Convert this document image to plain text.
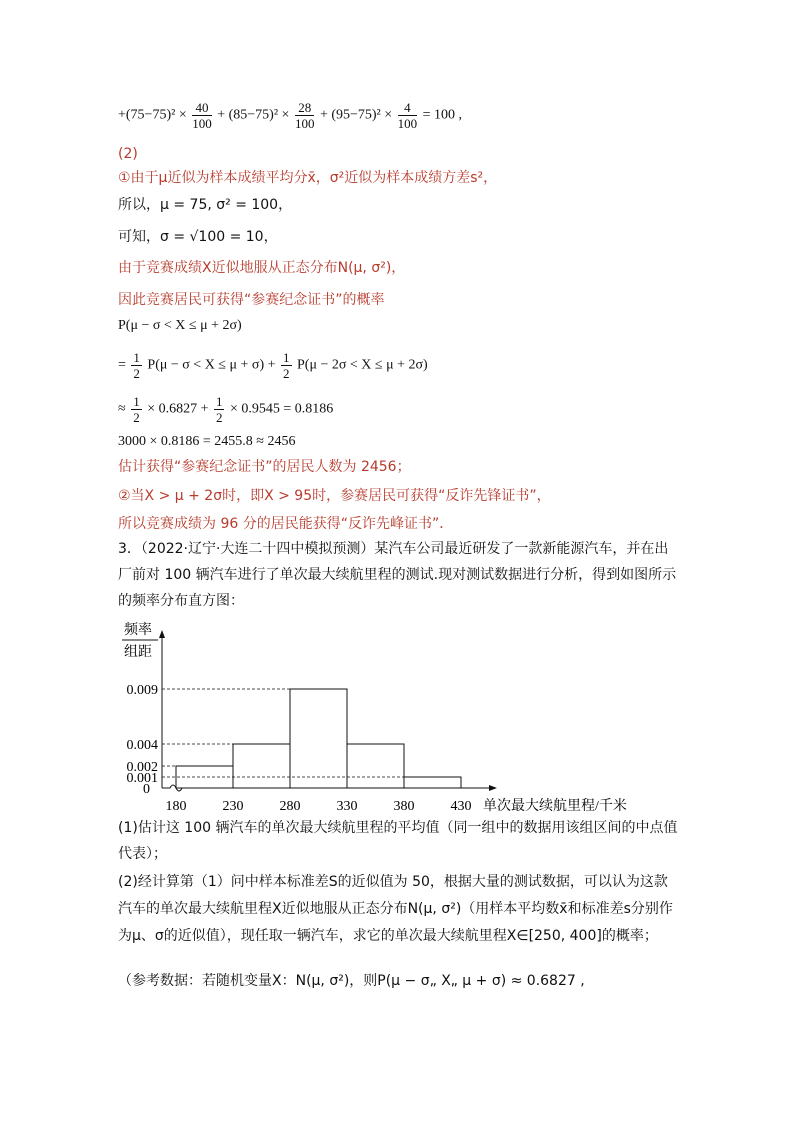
$+(75-75)^2 \times \frac{40}{100} + (85-75)^2 \times \frac{28}{100} + (95-75)^2 \times \frac{4}{100} = 100$ ,
(2)
①由于μ近似为样本成绩平均分x̄，σ²近似为样本成绩方差s²，
所以，μ = 75, σ² = 100，
可知，σ = √100 = 10，
由于竞赛成绩X近似地服从正态分布N(μ, σ²)，
因此竞赛居民可获得“参赛纪念证书”的概率
P(μ − σ < X ≤ μ + 2σ)
= $\frac{1}{2} P(\mu - \sigma < X \le \mu + \sigma) + \frac{1}{2} P(\mu - 2\sigma < X \le \mu + 2\sigma)$
≈ $\frac{1}{2} \times 0.6827 + \frac{1}{2} \times 0.9545 = 0.8186$
3000 × 0.8186 = 2455.8 ≈ 2456
估计获得“参赛纪念证书”的居民人数为 2456；
②当X > μ + 2σ时，即X > 95时，参赛居民可获得“反诈先锋证书”，
所以竞赛成绩为 96 分的居民能获得“反诈先峰证书”．
3．（2022·辽宁·大连二十四中模拟预测）某汽车公司最近研发了一款新能源汽车，并在出厂前对 100 辆汽车进行了单次最大续航里程的测试.现对测试数据进行分析，得到如图所示的频率分布直方图：
频率
组距
0.009
0.004
0.002
0.001
0
180	230	280	330	380	430 单次最大续航里程/千米
(1)估计这 100 辆汽车的单次最大续航里程的平均值（同一组中的数据用该组区间的中点值代表）；
(2)经计算第（1）问中样本标准差S的近似值为 50，根据大量的测试数据，可以认为这款汽车的单次最大续航里程X近似地服从正态分布N(μ, σ²)（用样本平均数x̄和标准差s分别作为μ、σ的近似值），现任取一辆汽车，求它的单次最大续航里程X∈[250, 400]的概率；
（参考数据：若随机变量X：N(μ, σ²)，则P(μ − σ„ X„ μ + σ) ≈ 0.6827 ,
